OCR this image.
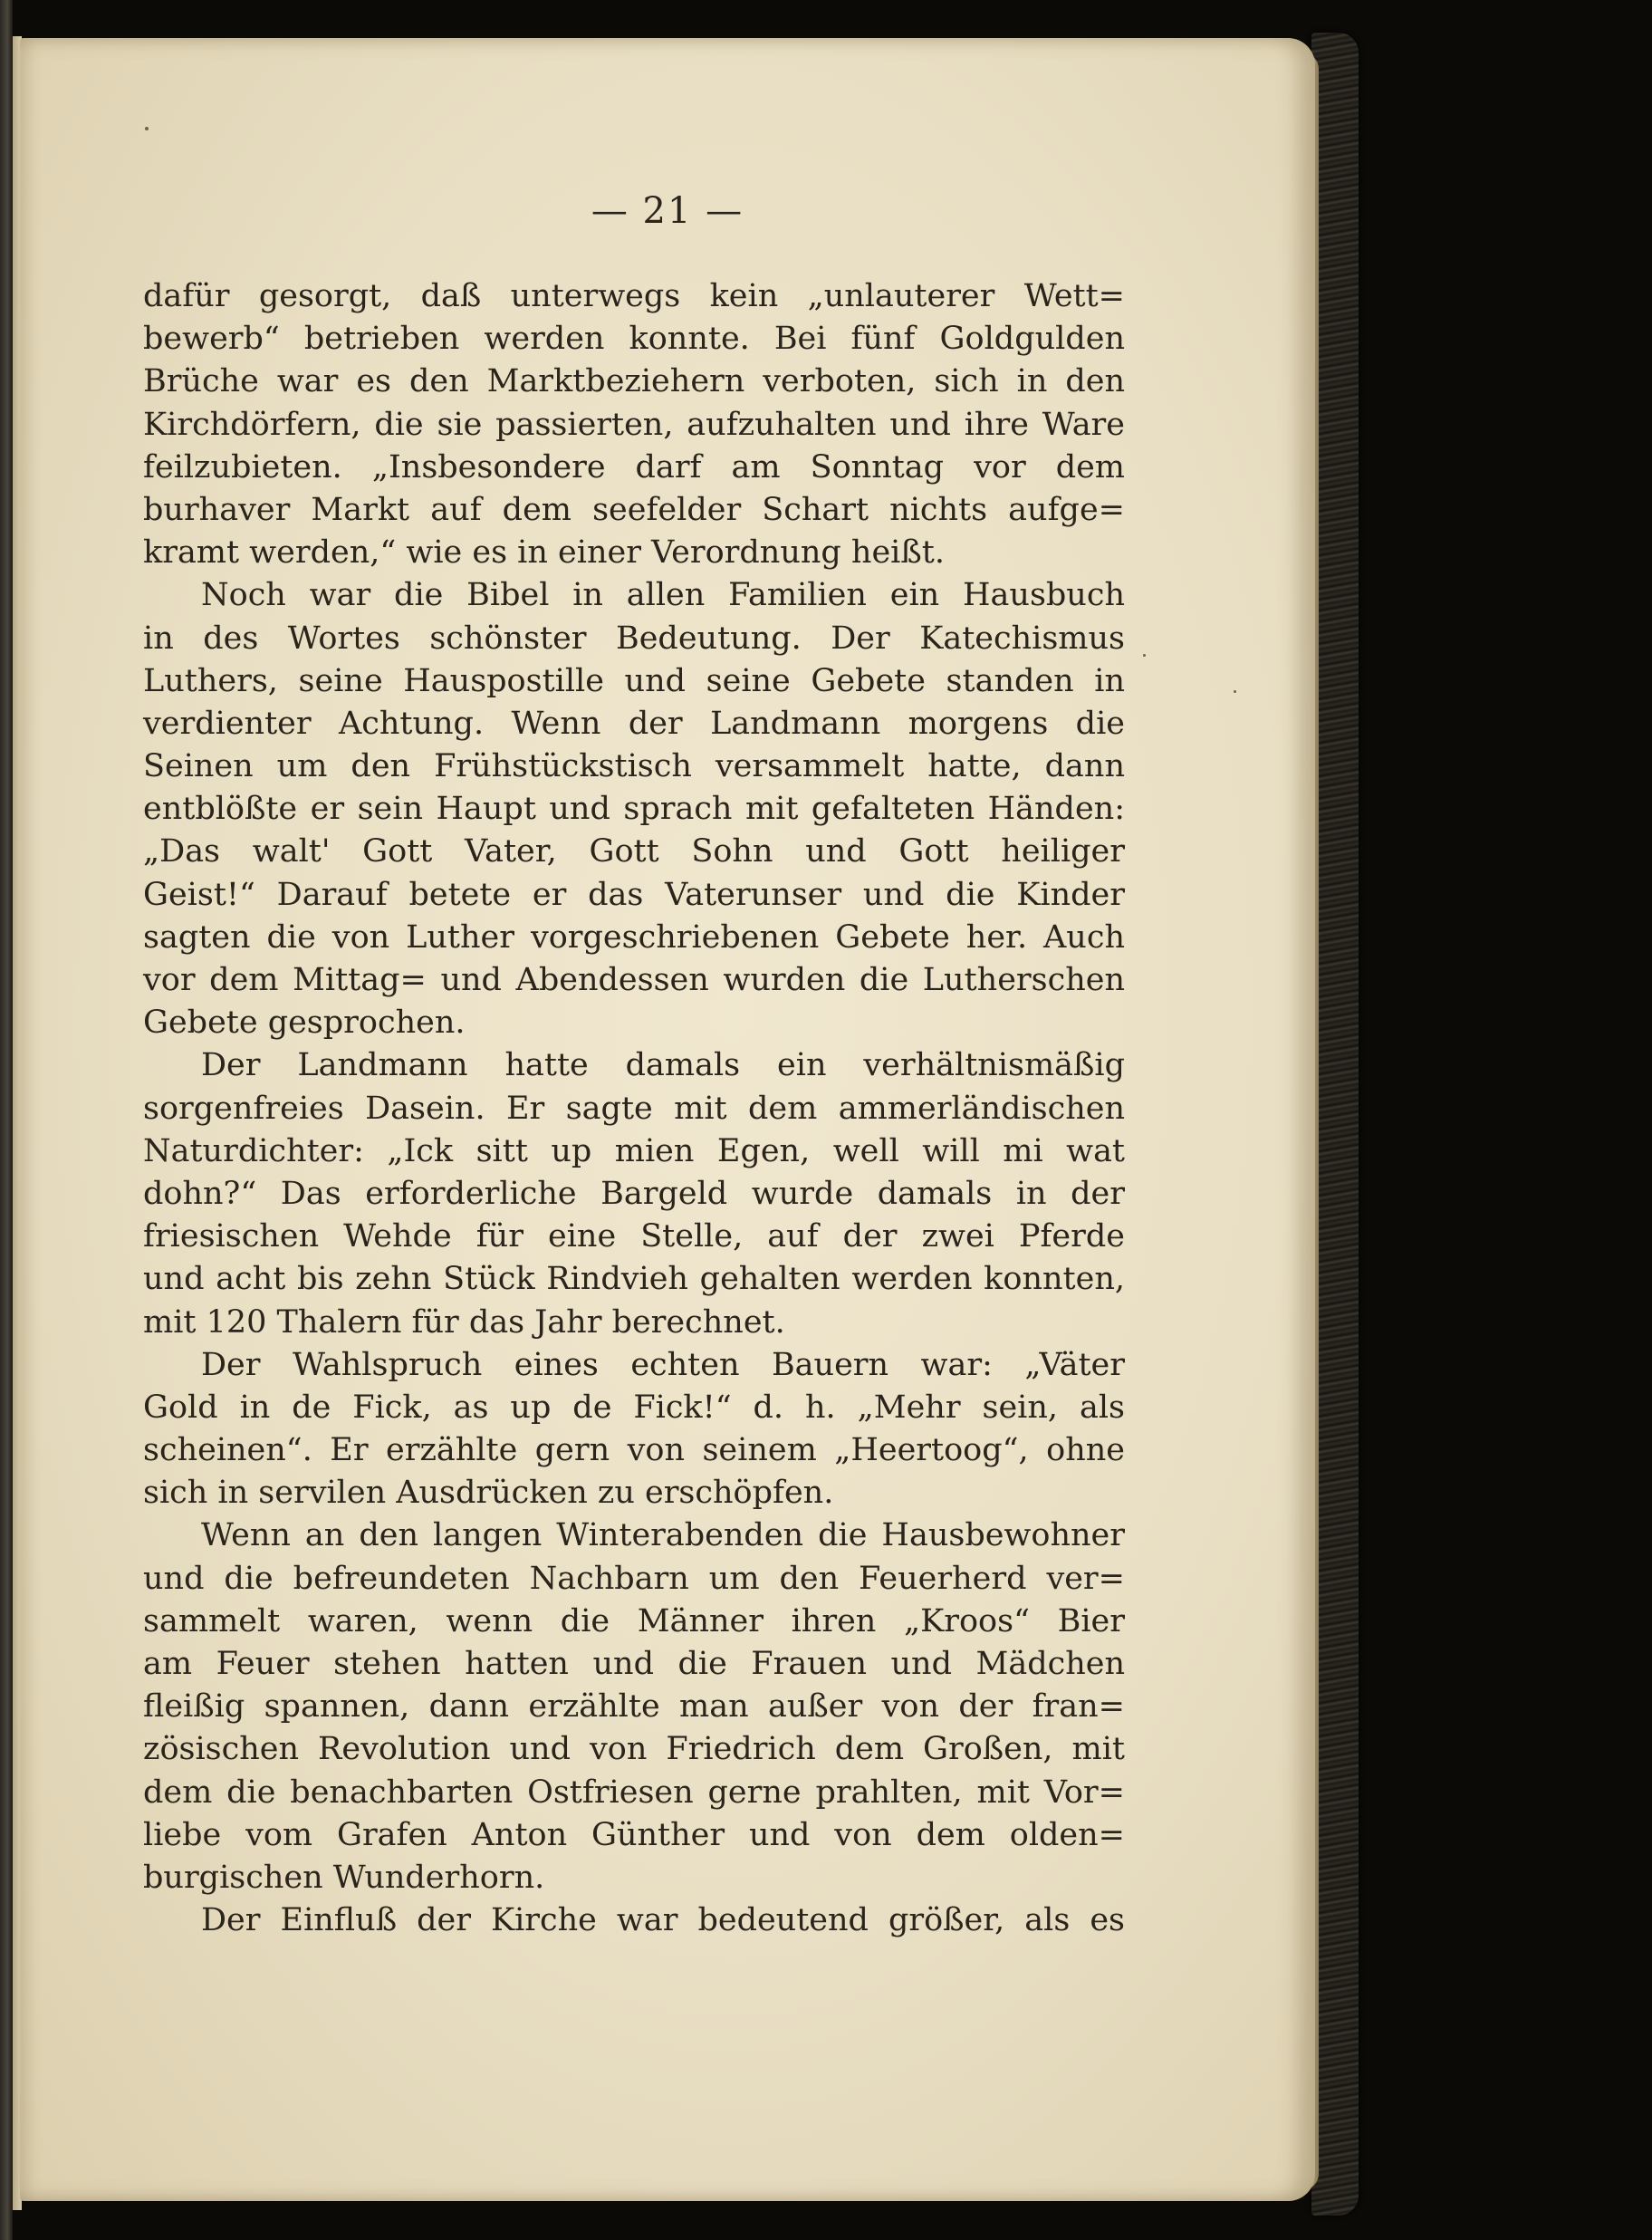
— 21 —
dafür gesorgt, daß unterwegs kein „unlauterer Wett=
bewerb“ betrieben werden konnte. Bei fünf Goldgulden
Brüche war es den Marktbeziehern verboten, sich in den
Kirchdörfern, die sie passierten, aufzuhalten und ihre Ware
feilzubieten. „Insbesondere darf am Sonntag vor dem
burhaver Markt auf dem seefelder Schart nichts aufge=
kramt werden,“ wie es in einer Verordnung heißt.
Noch war die Bibel in allen Familien ein Hausbuch
in des Wortes schönster Bedeutung. Der Katechismus
Luthers, seine Hauspostille und seine Gebete standen in
verdienter Achtung. Wenn der Landmann morgens die
Seinen um den Frühstückstisch versammelt hatte, dann
entblößte er sein Haupt und sprach mit gefalteten Händen:
„Das walt' Gott Vater, Gott Sohn und Gott heiliger
Geist!“ Darauf betete er das Vaterunser und die Kinder
sagten die von Luther vorgeschriebenen Gebete her. Auch
vor dem Mittag= und Abendessen wurden die Lutherschen
Gebete gesprochen.
Der Landmann hatte damals ein verhältnismäßig
sorgenfreies Dasein. Er sagte mit dem ammerländischen
Naturdichter: „Ick sitt up mien Egen, well will mi wat
dohn?“ Das erforderliche Bargeld wurde damals in der
friesischen Wehde für eine Stelle, auf der zwei Pferde
und acht bis zehn Stück Rindvieh gehalten werden konnten,
mit 120 Thalern für das Jahr berechnet.
Der Wahlspruch eines echten Bauern war: „Väter
Gold in de Fick, as up de Fick!“ d. h. „Mehr sein, als
scheinen“. Er erzählte gern von seinem „Heertoog“, ohne
sich in servilen Ausdrücken zu erschöpfen.
Wenn an den langen Winterabenden die Hausbewohner
und die befreundeten Nachbarn um den Feuerherd ver=
sammelt waren, wenn die Männer ihren „Kroos“ Bier
am Feuer stehen hatten und die Frauen und Mädchen
fleißig spannen, dann erzählte man außer von der fran=
zösischen Revolution und von Friedrich dem Großen, mit
dem die benachbarten Ostfriesen gerne prahlten, mit Vor=
liebe vom Grafen Anton Günther und von dem olden=
burgischen Wunderhorn.
Der Einfluß der Kirche war bedeutend größer, als es
